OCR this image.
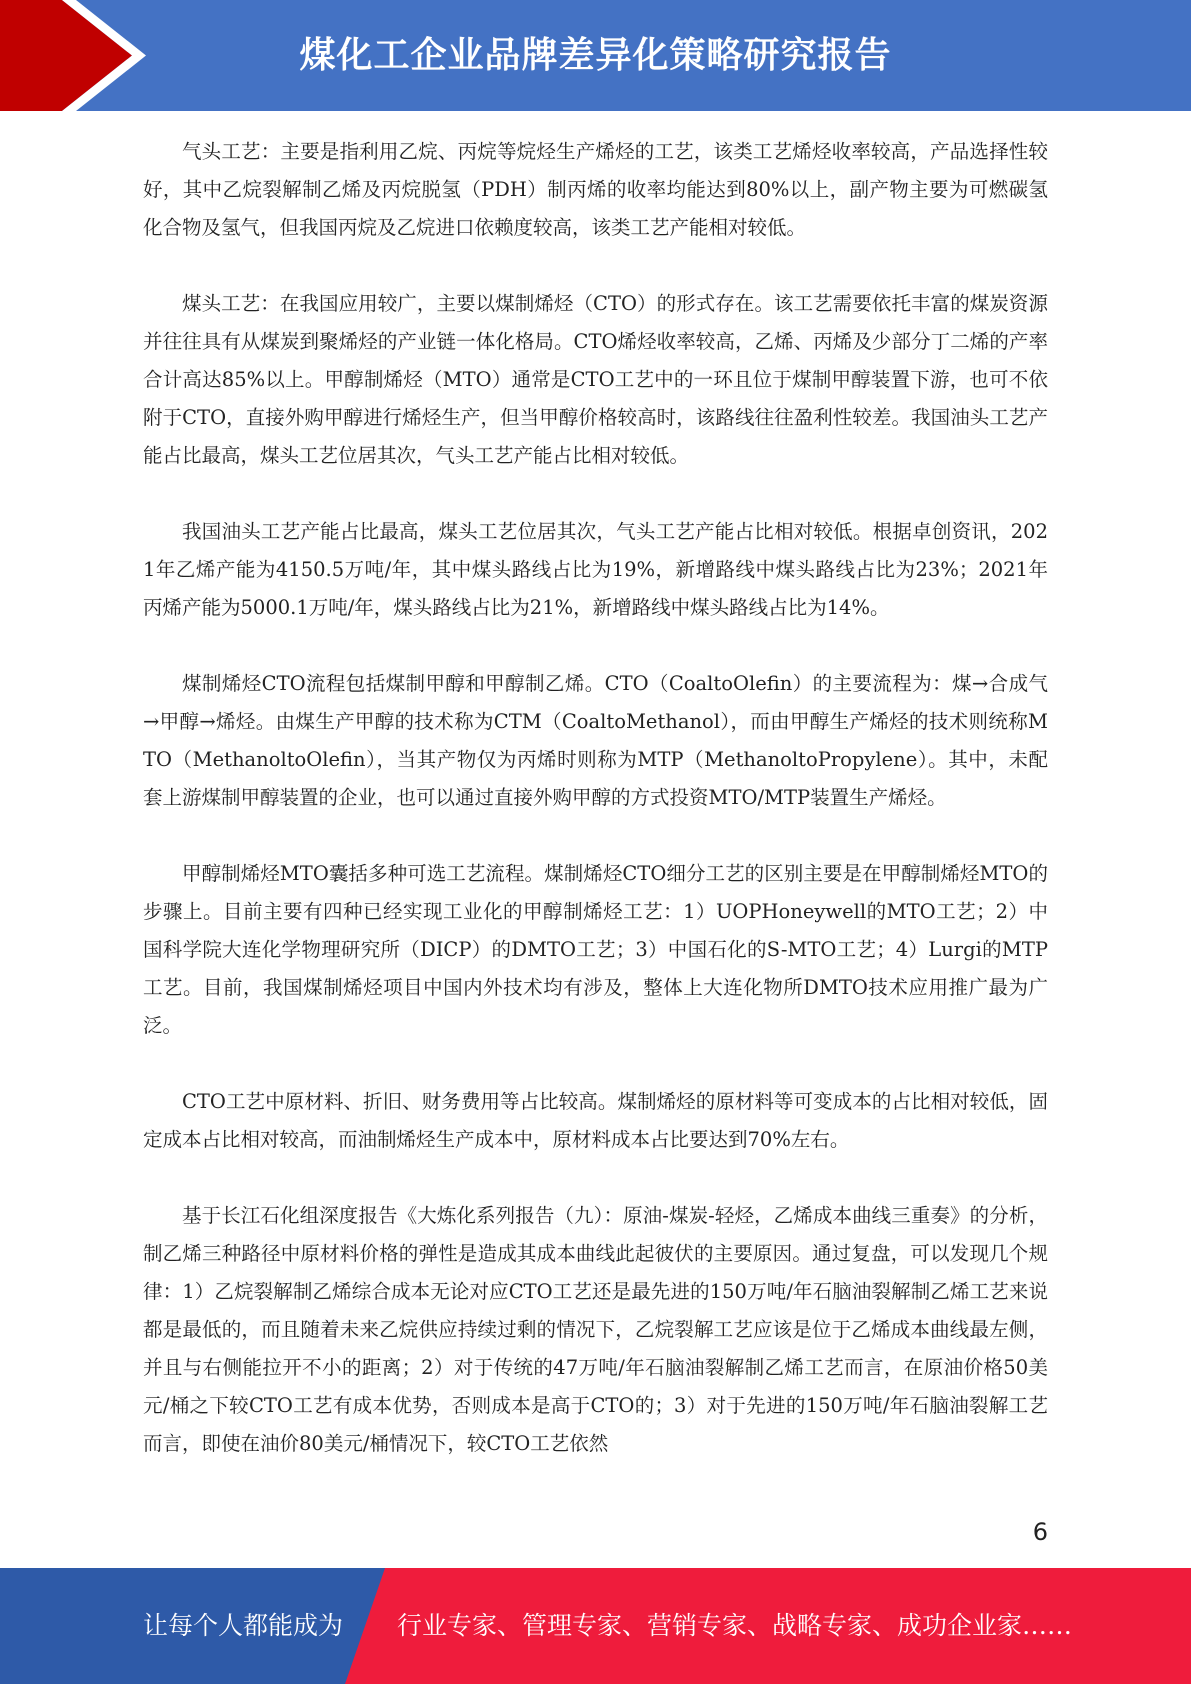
煤化工企业品牌差异化策略研究报告

气头工艺：主要是指利用乙烷、丙烷等烷烃生产烯烃的工艺，该类工艺烯烃收率较高，产品选择性较好，其中乙烷裂解制乙烯及丙烷脱氢（PDH）制丙烯的收率均能达到80%以上，副产物主要为可燃碳氢化合物及氢气，但我国丙烷及乙烷进口依赖度较高，该类工艺产能相对较低。

煤头工艺：在我国应用较广，主要以煤制烯烃（CTO）的形式存在。该工艺需要依托丰富的煤炭资源并往往具有从煤炭到聚烯烃的产业链一体化格局。CTO烯烃收率较高，乙烯、丙烯及少部分丁二烯的产率合计高达85%以上。甲醇制烯烃（MTO）通常是CTO工艺中的一环且位于煤制甲醇装置下游，也可不依附于CTO，直接外购甲醇进行烯烃生产，但当甲醇价格较高时，该路线往往盈利性较差。我国油头工艺产能占比最高，煤头工艺位居其次，气头工艺产能占比相对较低。

我国油头工艺产能占比最高，煤头工艺位居其次，气头工艺产能占比相对较低。根据卓创资讯，2021年乙烯产能为4150.5万吨/年，其中煤头路线占比为19%，新增路线中煤头路线占比为23%；2021年丙烯产能为5000.1万吨/年，煤头路线占比为21%，新增路线中煤头路线占比为14%。

煤制烯烃CTO流程包括煤制甲醇和甲醇制乙烯。CTO（CoaltoOlefin）的主要流程为：煤→合成气→甲醇→烯烃。由煤生产甲醇的技术称为CTM（CoaltoMethanol），而由甲醇生产烯烃的技术则统称MTO（MethanoltoOlefin），当其产物仅为丙烯时则称为MTP（MethanoltoPropylene）。其中，未配套上游煤制甲醇装置的企业，也可以通过直接外购甲醇的方式投资MTO/MTP装置生产烯烃。

甲醇制烯烃MTO囊括多种可选工艺流程。煤制烯烃CTO细分工艺的区别主要是在甲醇制烯烃MTO的步骤上。目前主要有四种已经实现工业化的甲醇制烯烃工艺：1）UOPHoneywell的MTO工艺；2）中国科学院大连化学物理研究所（DICP）的DMTO工艺；3）中国石化的S-MTO工艺；4）Lurgi的MTP工艺。目前，我国煤制烯烃项目中国内外技术均有涉及，整体上大连化物所DMTO技术应用推广最为广泛。

CTO工艺中原材料、折旧、财务费用等占比较高。煤制烯烃的原材料等可变成本的占比相对较低，固定成本占比相对较高，而油制烯烃生产成本中，原材料成本占比要达到70%左右。

基于长江石化组深度报告《大炼化系列报告（九）：原油-煤炭-轻烃，乙烯成本曲线三重奏》的分析，制乙烯三种路径中原材料价格的弹性是造成其成本曲线此起彼伏的主要原因。通过复盘，可以发现几个规律：1）乙烷裂解制乙烯综合成本无论对应CTO工艺还是最先进的150万吨/年石脑油裂解制乙烯工艺来说都是最低的，而且随着未来乙烷供应持续过剩的情况下，乙烷裂解工艺应该是位于乙烯成本曲线最左侧，并且与右侧能拉开不小的距离；2）对于传统的47万吨/年石脑油裂解制乙烯工艺而言，在原油价格50美元/桶之下较CTO工艺有成本优势，否则成本是高于CTO的；3）对于先进的150万吨/年石脑油裂解工艺而言，即使在油价80美元/桶情况下，较CTO工艺依然

6
让每个人都能成为 行业专家、管理专家、营销专家、战略专家、成功企业家……
